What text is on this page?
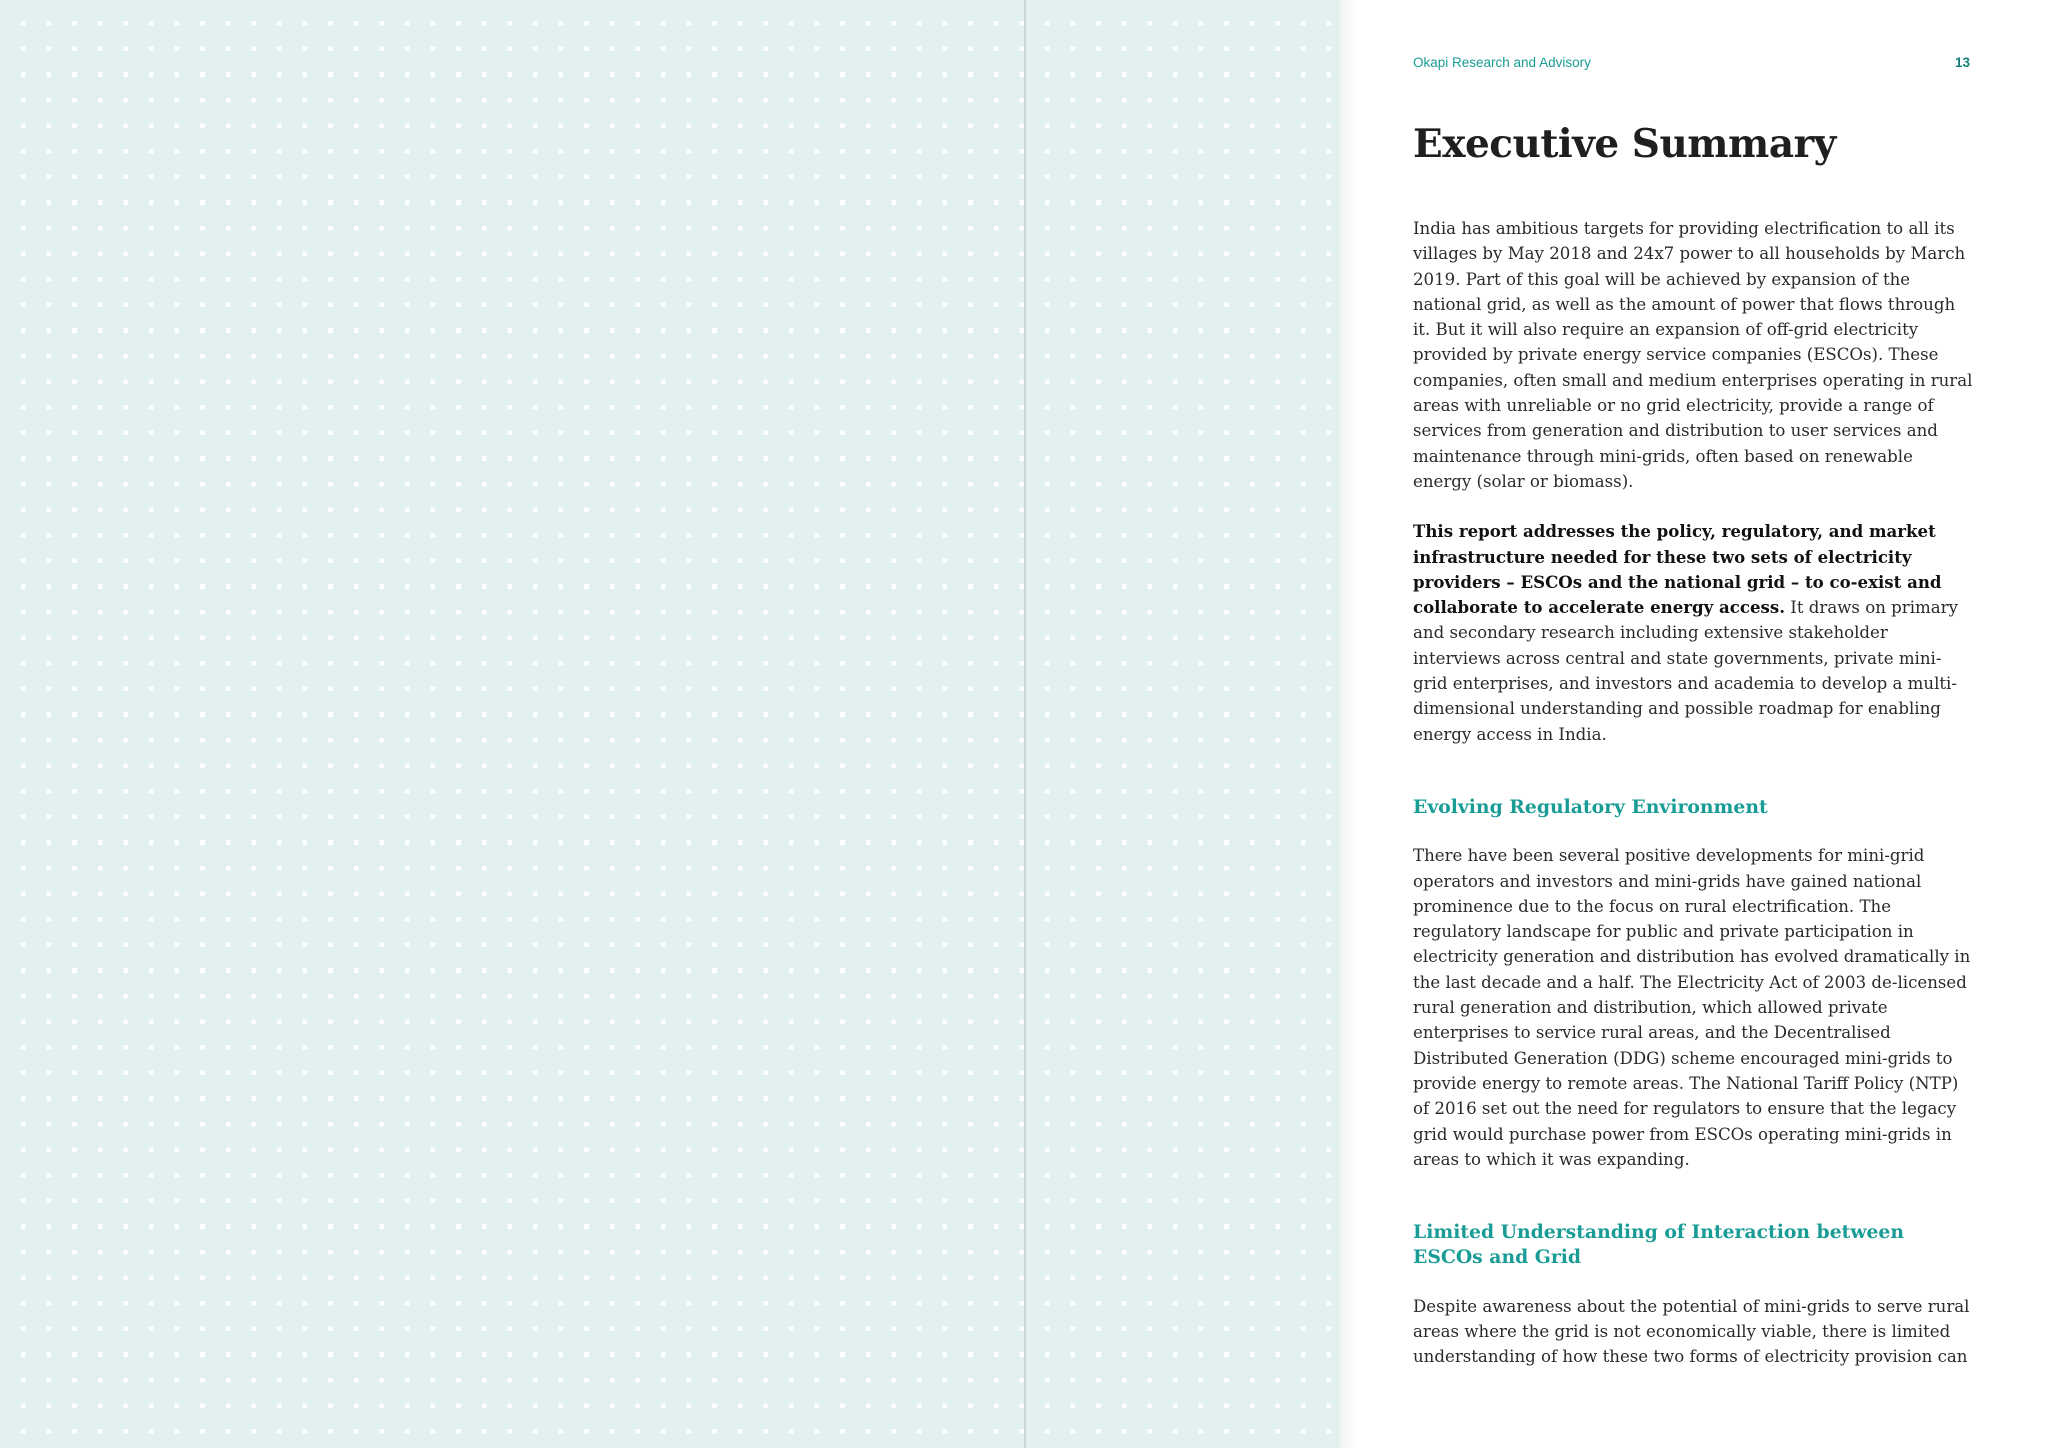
Okapi Research and Advisory	13
Executive Summary

India has ambitious targets for providing electrification to all its villages by May 2018 and 24x7 power to all households by March 2019. Part of this goal will be achieved by expansion of the national grid, as well as the amount of power that flows through it. But it will also require an expansion of off-grid electricity provided by private energy service companies (ESCOs). These companies, often small and medium enterprises operating in rural areas with unreliable or no grid electricity, provide a range of services from generation and distribution to user services and maintenance through mini-grids, often based on renewable energy (solar or biomass).

This report addresses the policy, regulatory, and market infrastructure needed for these two sets of electricity providers – ESCOs and the national grid – to co-exist and collaborate to accelerate energy access. It draws on primary and secondary research including extensive stakeholder interviews across central and state governments, private mini-grid enterprises, and investors and academia to develop a multi-dimensional understanding and possible roadmap for enabling energy access in India.

Evolving Regulatory Environment

There have been several positive developments for mini-grid operators and investors and mini-grids have gained national prominence due to the focus on rural electrification. The regulatory landscape for public and private participation in electricity generation and distribution has evolved dramatically in the last decade and a half. The Electricity Act of 2003 de-licensed rural generation and distribution, which allowed private enterprises to service rural areas, and the Decentralised Distributed Generation (DDG) scheme encouraged mini-grids to provide energy to remote areas. The National Tariff Policy (NTP) of 2016 set out the need for regulators to ensure that the legacy grid would purchase power from ESCOs operating mini-grids in areas to which it was expanding.

Limited Understanding of Interaction between ESCOs and Grid

Despite awareness about the potential of mini-grids to serve rural areas where the grid is not economically viable, there is limited understanding of how these two forms of electricity provision can
